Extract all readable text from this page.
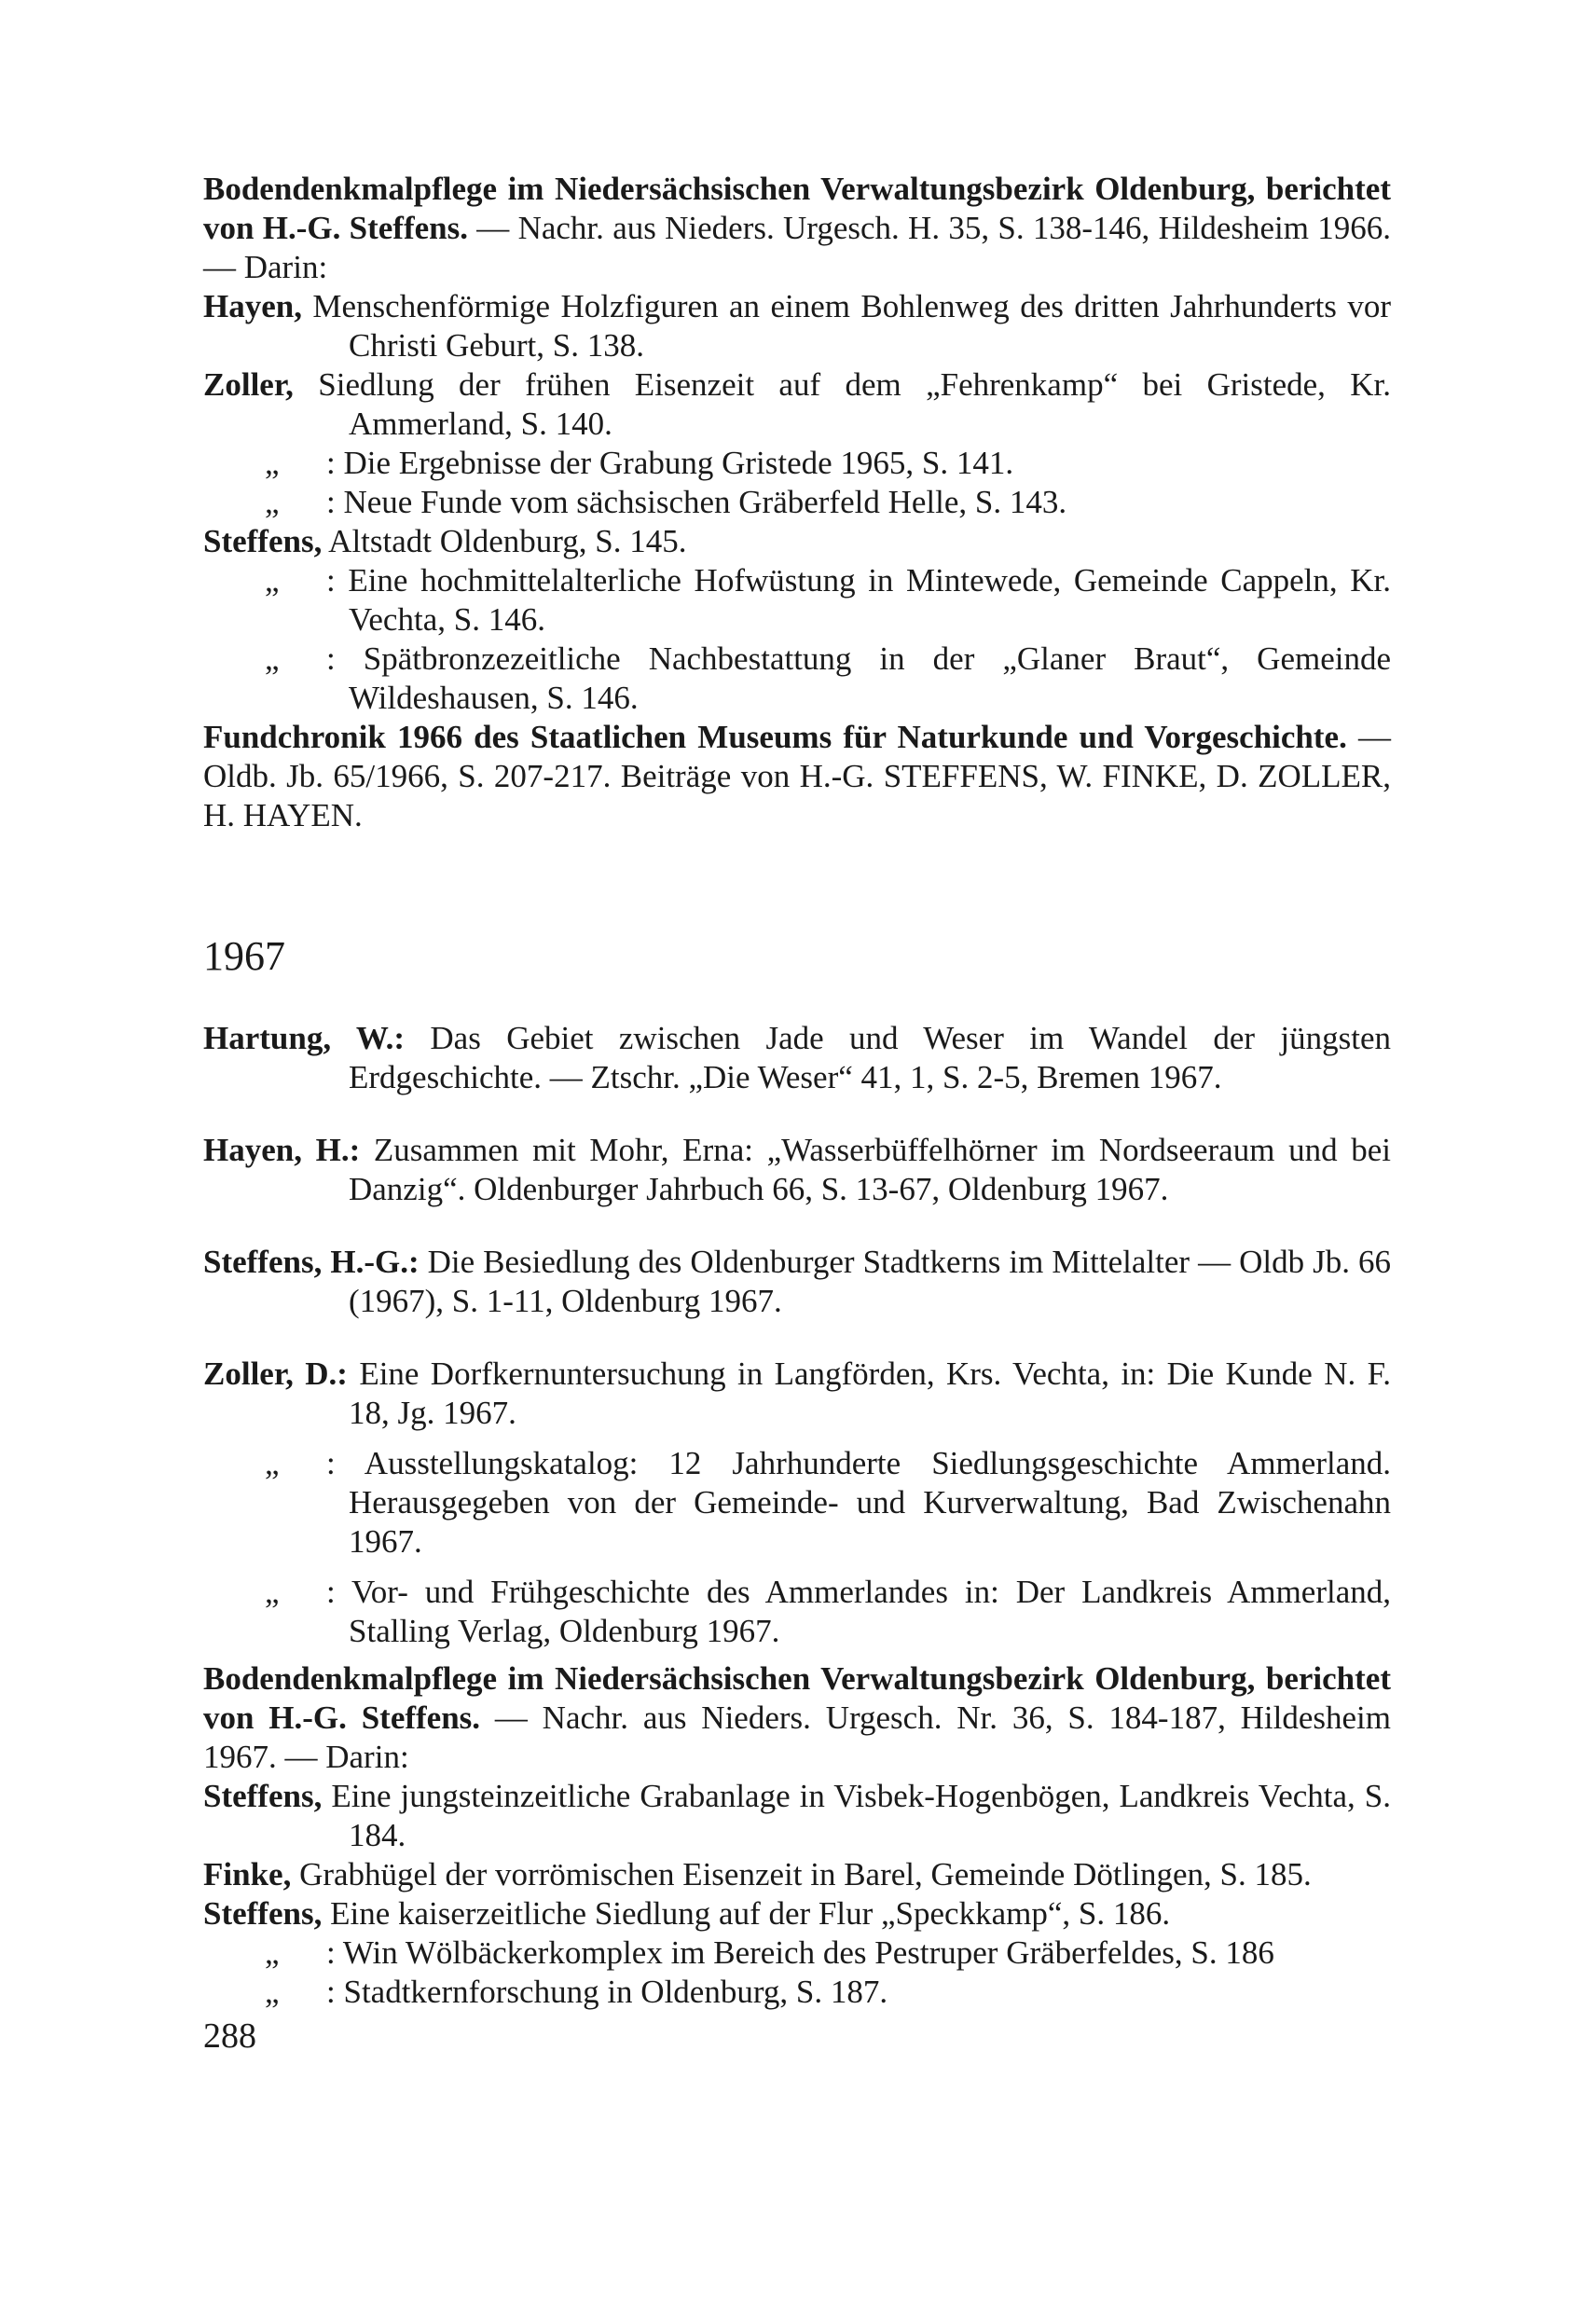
Bodendenkmalpflege im Niedersächsischen Verwaltungsbezirk Oldenburg, berichtet von H.-G. Steffens. — Nachr. aus Nieders. Urgesch. H. 35, S. 138-146, Hildesheim 1966. — Darin:

Hayen, Menschenförmige Holzfiguren an einem Bohlenweg des dritten Jahrhunderts vor Christi Geburt, S. 138.

Zoller, Siedlung der frühen Eisenzeit auf dem „Fehrenkamp“ bei Gristede, Kr. Ammerland, S. 140.

„ : Die Ergebnisse der Grabung Gristede 1965, S. 141.

„ : Neue Funde vom sächsischen Gräberfeld Helle, S. 143.

Steffens, Altstadt Oldenburg, S. 145.

„ : Eine hochmittelalterliche Hofwüstung in Mintewede, Gemeinde Cappeln, Kr. Vechta, S. 146.

„ : Spätbronzezeitliche Nachbestattung in der „Glaner Braut“, Gemeinde Wildeshausen, S. 146.

Fundchronik 1966 des Staatlichen Museums für Naturkunde und Vorgeschichte. — Oldb. Jb. 65/1966, S. 207-217. Beiträge von H.-G. STEFFENS, W. FINKE, D. ZOLLER, H. HAYEN.

1967

Hartung, W.: Das Gebiet zwischen Jade und Weser im Wandel der jüngsten Erdgeschichte. — Ztschr. „Die Weser“ 41, 1, S. 2-5, Bremen 1967.

Hayen, H.: Zusammen mit Mohr, Erna: „Wasserbüffelhörner im Nordseeraum und bei Danzig“. Oldenburger Jahrbuch 66, S. 13-67, Oldenburg 1967.

Steffens, H.-G.: Die Besiedlung des Oldenburger Stadtkerns im Mittelalter — Oldb Jb. 66 (1967), S. 1-11, Oldenburg 1967.

Zoller, D.: Eine Dorfkernuntersuchung in Langförden, Krs. Vechta, in: Die Kunde N. F. 18, Jg. 1967.

„ : Ausstellungskatalog: 12 Jahrhunderte Siedlungsgeschichte Ammerland. Herausgegeben von der Gemeinde- und Kurverwaltung, Bad Zwischenahn 1967.

„ : Vor- und Frühgeschichte des Ammerlandes in: Der Landkreis Ammerland, Stalling Verlag, Oldenburg 1967.

Bodendenkmalpflege im Niedersächsischen Verwaltungsbezirk Oldenburg, berichtet von H.-G. Steffens. — Nachr. aus Nieders. Urgesch. Nr. 36, S. 184-187, Hildesheim 1967. — Darin:

Steffens, Eine jungsteinzeitliche Grabanlage in Visbek-Hogenbögen, Landkreis Vechta, S. 184.

Finke, Grabhügel der vorrömischen Eisenzeit in Barel, Gemeinde Dötlingen, S. 185.

Steffens, Eine kaiserzeitliche Siedlung auf der Flur „Speckkamp“, S. 186.

„ : Win Wölbäckerkomplex im Bereich des Pestruper Gräberfeldes, S. 186

„ : Stadtkernforschung in Oldenburg, S. 187.

288
